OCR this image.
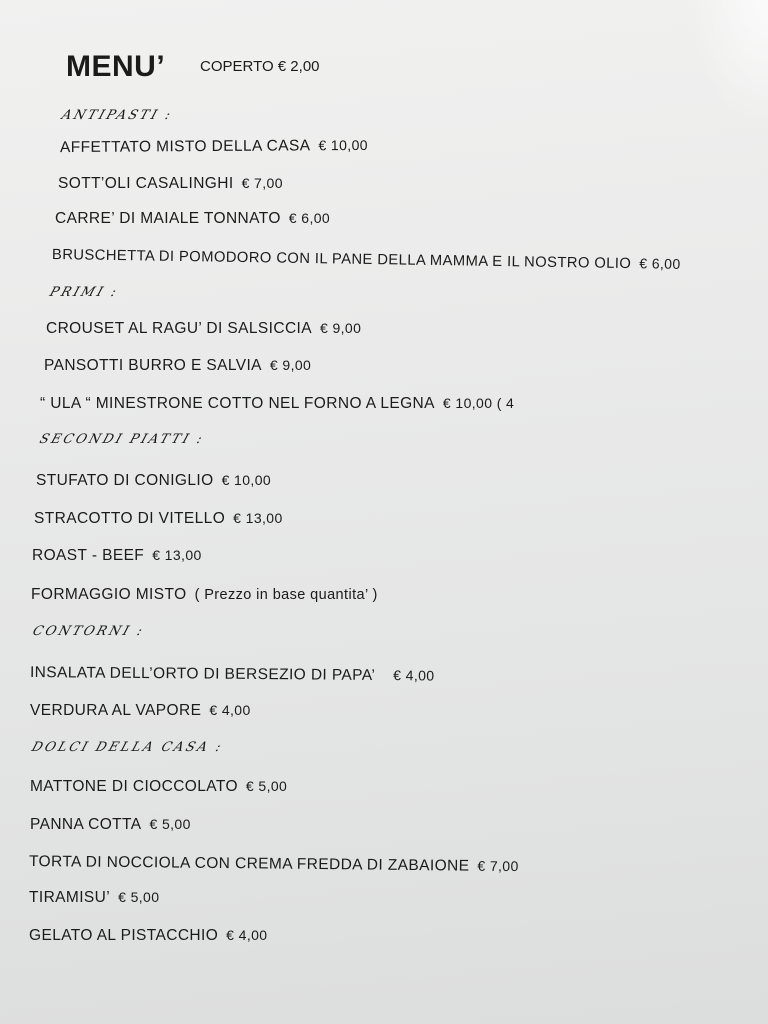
MENU’ COPERTO € 2,00
ANTIPASTI :
AFFETTATO MISTO DELLA CASA € 10,00
SOTT’OLI CASALINGHI € 7,00
CARRE’ DI MAIALE TONNATO € 6,00
BRUSCHETTA DI POMODORO CON IL PANE DELLA MAMMA E IL NOSTRO OLIO € 6,00
PRIMI :
CROUSET AL RAGU’ DI SALSICCIA € 9,00
PANSOTTI BURRO E SALVIA € 9,00
“ ULA “ MINESTRONE COTTO NEL FORNO A LEGNA € 10,00 ( 4
SECONDI PIATTI :
STUFATO DI CONIGLIO € 10,00
STRACOTTO DI VITELLO € 13,00
ROAST - BEEF € 13,00
FORMAGGIO MISTO ( Prezzo in base quantita’ )
CONTORNI :
INSALATA DELL’ORTO DI BERSEZIO DI PAPA’ € 4,00
VERDURA AL VAPORE € 4,00
DOLCI DELLA CASA :
MATTONE DI CIOCCOLATO € 5,00
PANNA COTTA € 5,00
TORTA DI NOCCIOLA CON CREMA FREDDA DI ZABAIONE € 7,00
TIRAMISU’ € 5,00
GELATO AL PISTACCHIO € 4,00
